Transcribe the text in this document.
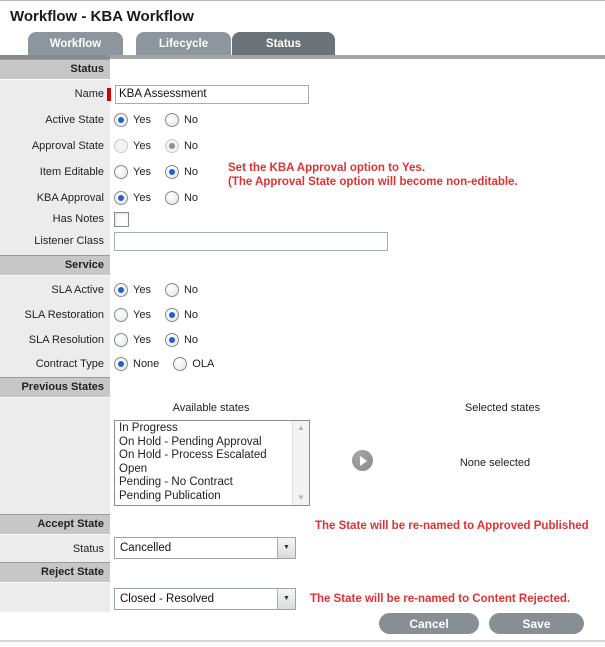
Workflow - KBA Workflow
Workflow	Lifecycle	Status
Status
Name
KBA Assessment
Active State	Yes	No
Approval State	Yes	No
Item Editable	Yes	No
KBA Approval	Yes	No
Set the KBA Approval option to Yes.
(The Approval State option will become non-editable.
Has Notes
Listener Class
Service
SLA Active	Yes	No
SLA Restoration	Yes	No
SLA Resolution	Yes	No
Contract Type	None	OLA
Previous States
Available states	Selected states
In Progress
On Hold - Pending Approval
On Hold - Process Escalated
Open
Pending - No Contract
Pending Publication
▲
▼
None selected
Accept State	The State will be re-named to Approved Published
Status Cancelled
▼
Reject State
Closed - Resolved ▼	The State will be re-named to Content Rejected.
Cancel	Save
